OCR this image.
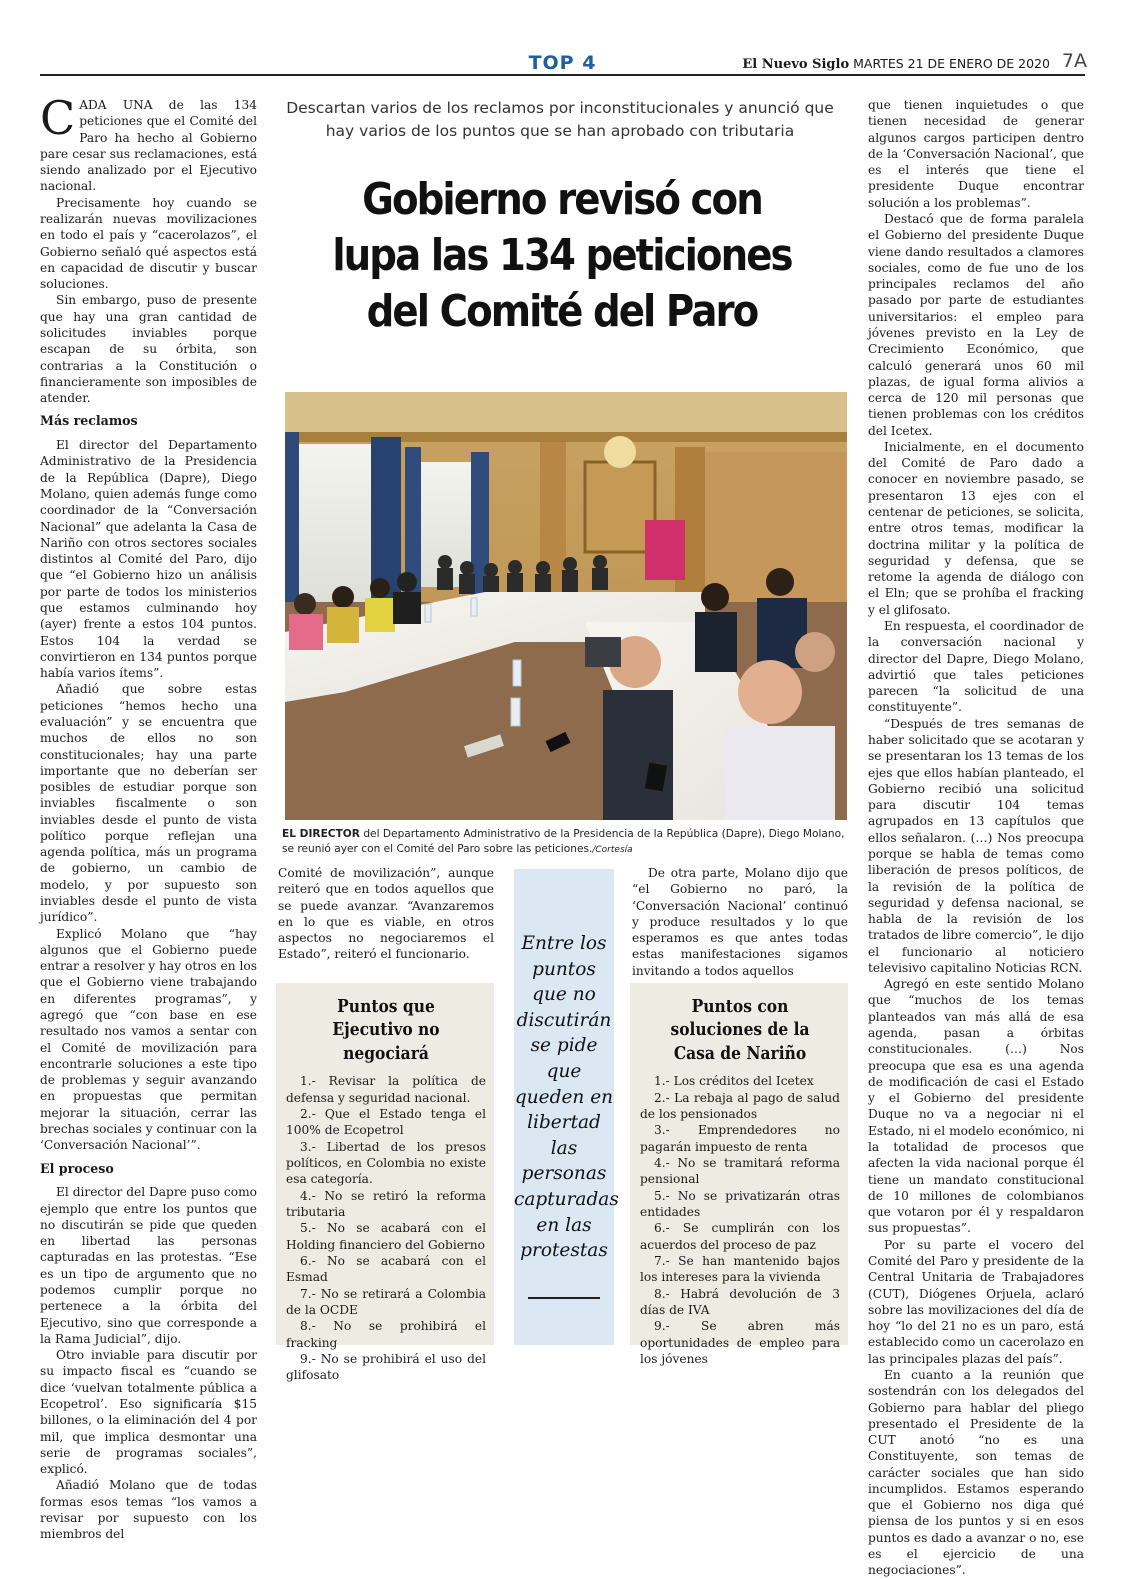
TOP 4	El Nuevo Siglo MARTES 21 DE ENERO DE 2020 7A

CADA UNA de las 134 peticiones que el Comité del Paro ha hecho al Gobierno pare cesar sus reclamaciones, está siendo analizado por el Ejecutivo nacional.

Precisamente hoy cuando se realizarán nuevas movilizaciones en todo el país y “cacerolazos”, el Gobierno señaló qué aspectos está en capacidad de discutir y buscar soluciones.

Sin embargo, puso de presente que hay una gran cantidad de solicitudes inviables porque escapan de su órbita, son contrarias a la Constitución o financieramente son imposibles de atender.

Más reclamos

El director del Departamento Administrativo de la Presidencia de la República (Dapre), Diego Molano, quien además funge como coordinador de la “Conversación Nacional” que adelanta la Casa de Nariño con otros sectores sociales distintos al Comité del Paro, dijo que “el Gobierno hizo un análisis por parte de todos los ministerios que estamos culminando hoy (ayer) frente a estos 104 puntos. Estos 104 la verdad se convirtieron en 134 puntos porque había varios ítems”.

Añadió que sobre estas peticiones “hemos hecho una evaluación” y se encuentra que muchos de ellos no son constitucionales; hay una parte importante que no deberían ser posibles de estudiar porque son inviables fiscalmente o son inviables desde el punto de vista político porque reflejan una agenda política, más un programa de gobierno, un cambio de modelo, y por supuesto son inviables desde el punto de vista jurídico”.

Explicó Molano que “hay algunos que el Gobierno puede entrar a resolver y hay otros en los que el Gobierno viene trabajando en diferentes programas”, y agregó que “con base en ese resultado nos vamos a sentar con el Comité de movilización para encontrarle soluciones a este tipo de problemas y seguir avanzando en propuestas que permitan mejorar la situación, cerrar las brechas sociales y continuar con la ‘Conversación Nacional’”.

El proceso

El director del Dapre puso como ejemplo que entre los puntos que no discutirán se pide que queden en libertad las personas capturadas en las protestas. “Ese es un tipo de argumento que no podemos cumplir porque no pertenece a la órbita del Ejecutivo, sino que corresponde a la Rama Judicial”, dijo.

Otro inviable para discutir por su impacto fiscal es “cuando se dice ‘vuelvan totalmente pública a Ecopetrol’. Eso significaría $15 billones, o la eliminación del 4 por mil, que implica desmontar una serie de programas sociales”, explicó.

Añadió Molano que de todas formas esos temas “los vamos a revisar por supuesto con los miembros del

Descartan varios de los reclamos por inconstitucionales y anunció que hay varios de los puntos que se han aprobado con tributaria
Gobierno revisó con lupa las 134 peticiones del Comité del Paro
EL DIRECTOR del Departamento Administrativo de la Presidencia de la República (Dapre), Diego Molano, se reunió ayer con el Comité del Paro sobre las peticiones./Cortesía

Comité de movilización”, aunque reiteró que en todos aquellos que se puede avanzar. “Avanzaremos en lo que es viable, en otros aspectos no negociaremos el Estado”, reiteró el funcionario.

De otra parte, Molano dijo que “el Gobierno no paró, la ‘Conversación Nacional’ continuó y produce resultados y lo que esperamos es que antes todas estas manifestaciones sigamos invitando a todos aquellos

Puntos que Ejecutivo no negociará
1.- Revisar la política de defensa y seguridad nacional.
2.- Que el Estado tenga el 100% de Ecopetrol
3.- Libertad de los presos políticos, en Colombia no existe esa categoría.
4.- No se retiró la reforma tributaria
5.- No se acabará con el Holding financiero del Gobierno
6.- No se acabará con el Esmad
7.- No se retirará a Colombia de la OCDE
8.- No se prohibirá el fracking
9.- No se prohibirá el uso del glifosato
Entre los puntos que no discutirán se pide que queden en libertad las personas capturadas en las protestas
Puntos con soluciones de la Casa de Nariño
1.- Los créditos del Icetex
2.- La rebaja al pago de salud de los pensionados
3.- Emprendedores no pagarán impuesto de renta
4.- No se tramitará reforma pensional
5.- No se privatizarán otras entidades
6.- Se cumplirán con los acuerdos del proceso de paz
7.- Se han mantenido bajos los intereses para la vivienda
8.- Habrá devolución de 3 días de IVA
9.- Se abren más oportunidades de empleo para los jóvenes

que tienen inquietudes o que tienen necesidad de generar algunos cargos participen dentro de la ‘Conversación Nacional’, que es el interés que tiene el presidente Duque encontrar solución a los problemas”.

Destacó que de forma paralela el Gobierno del presidente Duque viene dando resultados a clamores sociales, como de fue uno de los principales reclamos del año pasado por parte de estudiantes universitarios: el empleo para jóvenes previsto en la Ley de Crecimiento Económico, que calculó generará unos 60 mil plazas, de igual forma alivios a cerca de 120 mil personas que tienen problemas con los créditos del Icetex.

Inicialmente, en el documento del Comité de Paro dado a conocer en noviembre pasado, se presentaron 13 ejes con el centenar de peticiones, se solicita, entre otros temas, modificar la doctrina militar y la política de seguridad y defensa, que se retome la agenda de diálogo con el Eln; que se prohíba el fracking y el glifosato.

En respuesta, el coordinador de la conversación nacional y director del Dapre, Diego Molano, advirtió que tales peticiones parecen “la solicitud de una constituyente”.

“Después de tres semanas de haber solicitado que se acotaran y se presentaran los 13 temas de los ejes que ellos habían planteado, el Gobierno recibió una solicitud para discutir 104 temas agrupados en 13 capítulos que ellos señalaron. (…) Nos preocupa porque se habla de temas como liberación de presos políticos, de la revisión de la política de seguridad y defensa nacional, se habla de la revisión de los tratados de libre comercio”, le dijo el funcionario al noticiero televisivo capitalino Noticias RCN.

Agregó en este sentido Molano que “muchos de los temas planteados van más allá de esa agenda, pasan a órbitas constitucionales. (…) Nos preocupa que esa es una agenda de modificación de casi el Estado y el Gobierno del presidente Duque no va a negociar ni el Estado, ni el modelo económico, ni la totalidad de procesos que afecten la vida nacional porque él tiene un mandato constitucional de 10 millones de colombianos que votaron por él y respaldaron sus propuestas”.

Por su parte el vocero del Comité del Paro y presidente de la Central Unitaria de Trabajadores (CUT), Diógenes Orjuela, aclaró sobre las movilizaciones del día de hoy “lo del 21 no es un paro, está establecido como un cacerolazo en las principales plazas del país”.

En cuanto a la reunión que sostendrán con los delegados del Gobierno para hablar del pliego presentado el Presidente de la CUT anotó “no es una Constituyente, son temas de carácter sociales que han sido incumplidos. Estamos esperando que el Gobierno nos diga qué piensa de los puntos y si en esos puntos es dado a avanzar o no, ese es el ejercicio de una negociaciones”.
